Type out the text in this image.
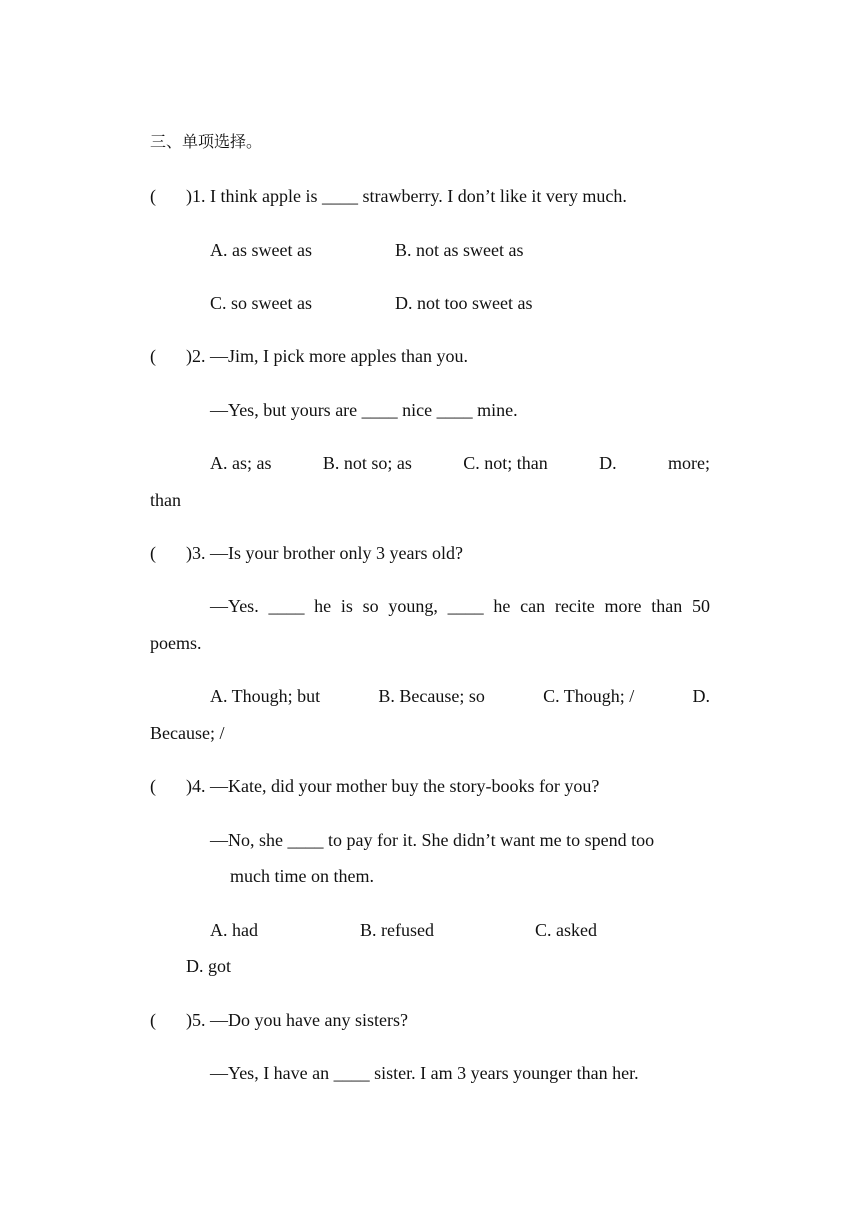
三、单项选择。
( )1. I think apple is ____ strawberry. I don’t like it very much.
A. as sweet as	B. not as sweet as
C. so sweet as	D. not too sweet as
( )2. —Jim, I pick more apples than you.
—Yes, but yours are ____ nice ____ mine.
A. as; as	B. not so; as	C. not; than	D.	more;
than
( )3. —Is your brother only 3 years old?
—Yes. ____ he is so young, ____ he can recite more than 50
poems.
A. Though; but	B. Because; so	C. Though; /	D.
Because; /
( )4. —Kate, did your mother buy the story-books for you?
—No, she ____ to pay for it. She didn’t want me to spend too
much time on them.
A. had	B. refused	C. asked
D. got
( )5. —Do you have any sisters?
—Yes, I have an ____ sister. I am 3 years younger than her.
